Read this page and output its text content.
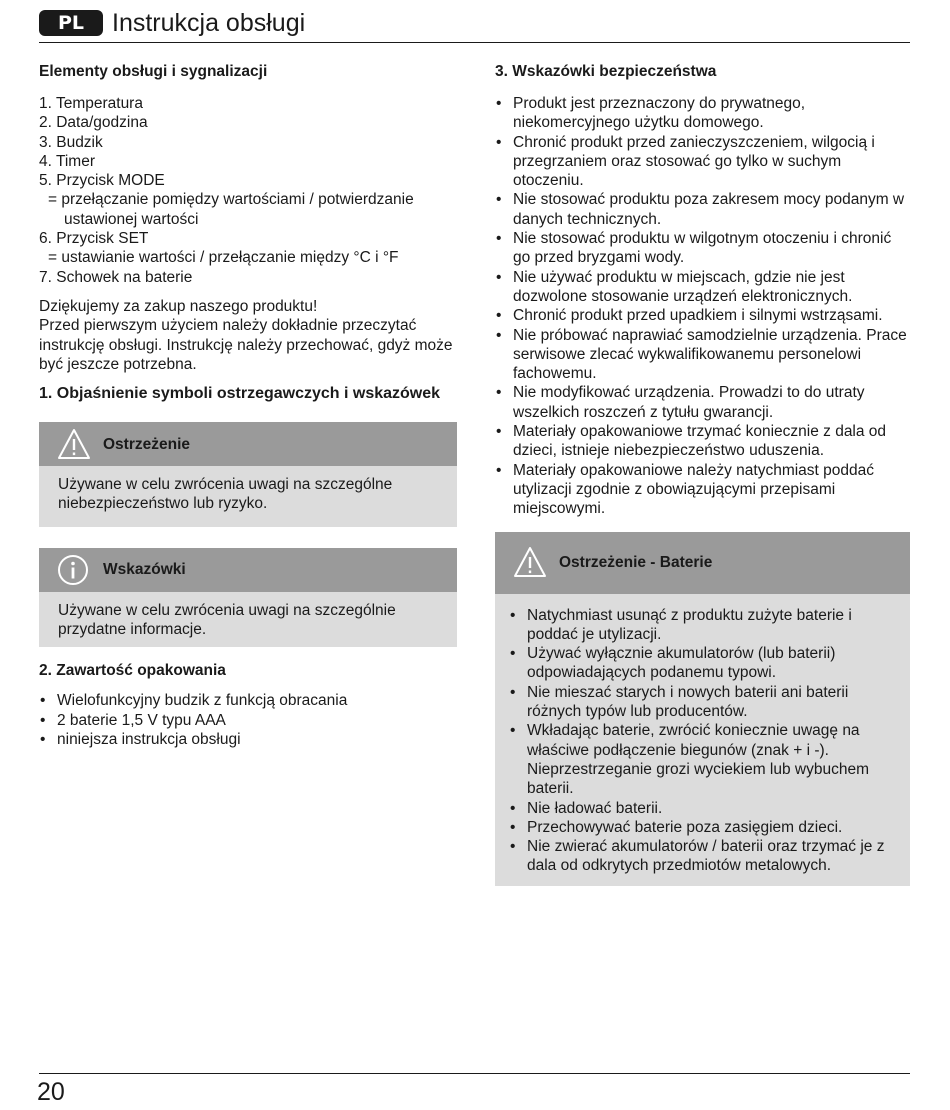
PL	Instrukcja obsługi
Elementy obsługi i sygnalizacji
1. Temperatura
2. Data/godzina
3. Budzik
4. Timer
5. Przycisk MODE
= przełączanie pomiędzy wartościami / potwierdzanie
ustawionej wartości
6. Przycisk SET
= ustawianie wartości / przełączanie między °C i °F
7. Schowek na baterie

Dziękujemy za zakup naszego produktu!

Przed pierwszym użyciem należy dokładnie przeczytać instrukcję obsługi. Instrukcję należy przechować, gdyż może być jeszcze potrzebna.

1. Objaśnienie symboli ostrzegawczych i wskazówek
Ostrzeżenie
Używane w celu zwrócenia uwagi na szczególne niebezpieczeństwo lub ryzyko.
Wskazówki
Używane w celu zwrócenia uwagi na szczególnie przydatne informacje.
2. Zawartość opakowania
• Wielofunkcyjny budzik z funkcją obracania
• 2 baterie 1,5 V typu AAA
• niniejsza instrukcja obsługi
3. Wskazówki bezpieczeństwa
• Produkt jest przeznaczony do prywatnego, niekomercyjnego użytku domowego.
• Chronić produkt przed zanieczyszczeniem, wilgocią i przegrzaniem oraz stosować go tylko w suchym otoczeniu.
• Nie stosować produktu poza zakresem mocy podanym w danych technicznych.
• Nie stosować produktu w wilgotnym otoczeniu i chronić go przed bryzgami wody.
• Nie używać produktu w miejscach, gdzie nie jest dozwolone stosowanie urządzeń elektronicznych.
• Chronić produkt przed upadkiem i silnymi wstrząsami.
• Nie próbować naprawiać samodzielnie urządzenia. Prace serwisowe zlecać wykwalifikowanemu personelowi fachowemu.
• Nie modyfikować urządzenia. Prowadzi to do utraty wszelkich roszczeń z tytułu gwarancji.
• Materiały opakowaniowe trzymać koniecznie z dala od dzieci, istnieje niebezpieczeństwo uduszenia.
• Materiały opakowaniowe należy natychmiast poddać utylizacji zgodnie z obowiązującymi przepisami miejscowymi.
Ostrzeżenie - Baterie
• Natychmiast usunąć z produktu zużyte baterie i poddać je utylizacji.
• Używać wyłącznie akumulatorów (lub baterii) odpowiadających podanemu typowi.
• Nie mieszać starych i nowych baterii ani baterii różnych typów lub producentów.
• Wkładając baterie, zwrócić koniecznie uwagę na właściwe podłączenie biegunów (znak + i -). Nieprzestrzeganie grozi wyciekiem lub wybuchem baterii.
• Nie ładować baterii.
• Przechowywać baterie poza zasięgiem dzieci.
• Nie zwierać akumulatorów / baterii oraz trzymać je z dala od odkrytych przedmiotów metalowych.
20
